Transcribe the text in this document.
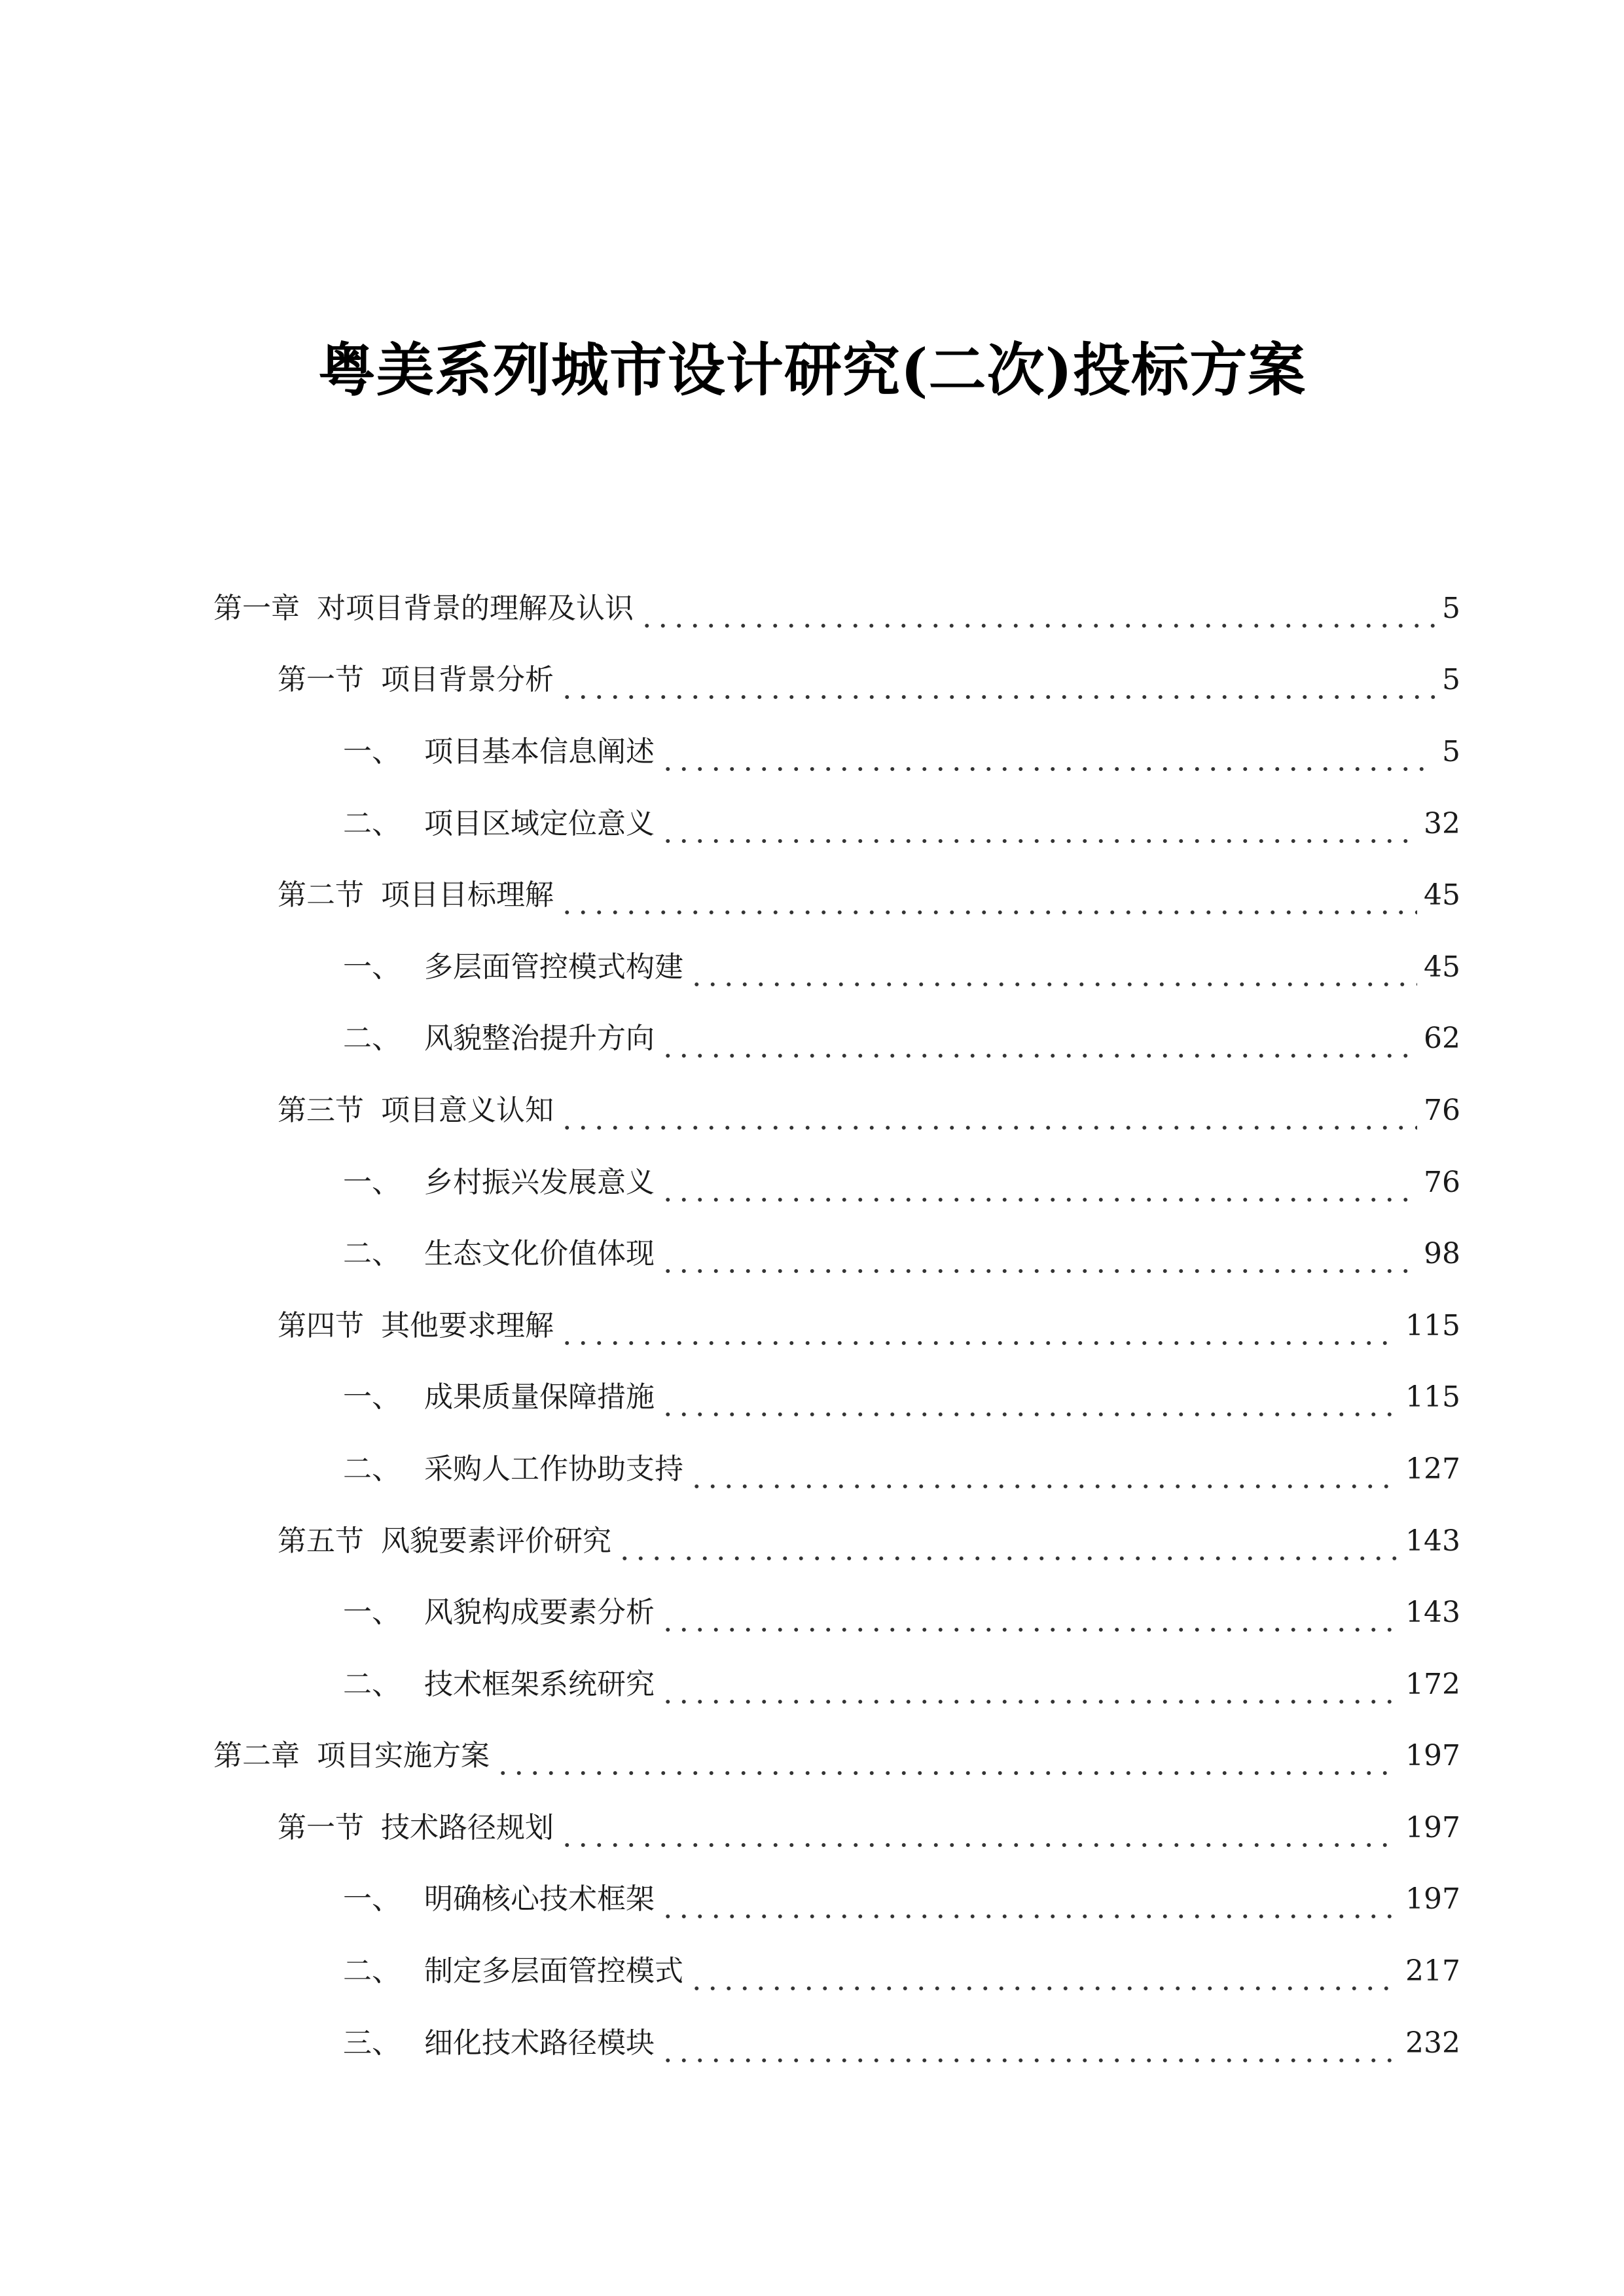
粤美系列城市设计研究(二次)投标方案
第一章 对项目背景的理解及认识	5
第一节 项目背景分析	5
一、 项目基本信息阐述	5
二、 项目区域定位意义	32
第二节 项目目标理解	45
一、 多层面管控模式构建	45
二、 风貌整治提升方向	62
第三节 项目意义认知	76
一、 乡村振兴发展意义	76
二、 生态文化价值体现	98
第四节 其他要求理解	115
一、 成果质量保障措施	115
二、 采购人工作协助支持	127
第五节 风貌要素评价研究	143
一、 风貌构成要素分析	143
二、 技术框架系统研究	172
第二章 项目实施方案	197
第一节 技术路径规划	197
一、 明确核心技术框架	197
二、 制定多层面管控模式	217
三、 细化技术路径模块	232
